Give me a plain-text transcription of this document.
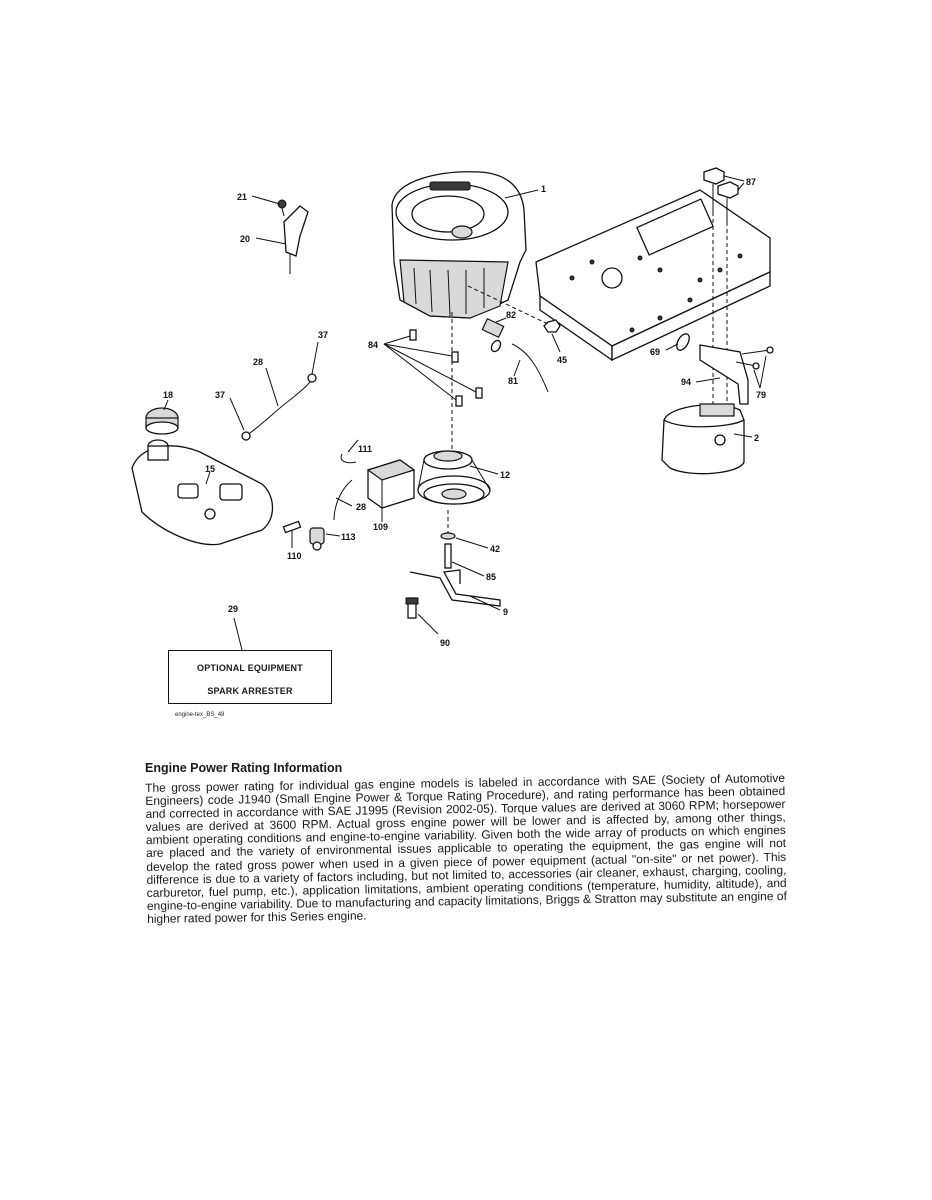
1
2
9
12
15
18
20
21
28
28
29
37
37
42
45
69
79
81
82
84
85
87
90
94
109
110
111
113
OPTIONAL EQUIPMENT
SPARK ARRESTER
engine-tex_BS_48
Engine Power Rating Information
The gross power rating for individual gas engine models is labeled in accordance with SAE (Society of Automotive Engineers) code J1940 (Small Engine Power & Torque Rating Procedure), and rating performance has been obtained and corrected in accordance with SAE J1995 (Revision 2002-05). Torque values are derived at 3060 RPM; horsepower values are derived at 3600 RPM. Actual gross engine power will be lower and is affected by, among other things, ambient operating conditions and engine-to-engine variability. Given both the wide array of products on which engines are placed and the variety of environmental issues applicable to operating the equipment, the gas engine will not develop the rated gross power when used in a given piece of power equipment (actual "on-site" or net power). This difference is due to a variety of factors including, but not limited to, accessories (air cleaner, exhaust, charging, cooling, carburetor, fuel pump, etc.), application limitations, ambient operating conditions (temperature, humidity, altitude), and engine-to-engine variability. Due to manufacturing and capacity limitations, Briggs & Stratton may substitute an engine of higher rated power for this Series engine.
